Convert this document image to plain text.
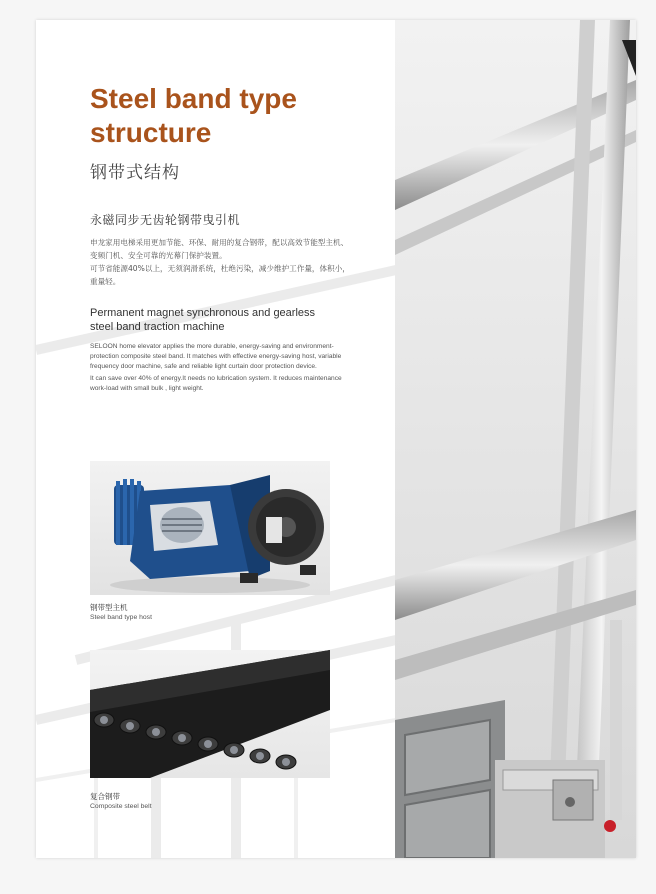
Steel band type
structure
钢带式结构
永磁同步无齿轮钢带曳引机
申龙家用电梯采用更加节能、环保、耐用的复合钢带，配以高效节能型主机、变频门机、安全可靠的光幕门保护装置。
可节省能源40%以上，无须润滑系统，杜绝污染，减少维护工作量，体积小，重量轻。
Permanent magnet synchronous and gearless
steel band traction machine
SELOON home elevator applies the more durable, energy-saving and environment-protection composite steel band. It matches with effective energy-saving host, variable frequency door machine, safe and reliable light curtain door protection device.
It can save over 40% of energy.It needs no lubrication system. It reduces maintenance work-load with small bulk , light weight.
钢带型主机
Steel band type host
复合钢带
Composite steel belt
